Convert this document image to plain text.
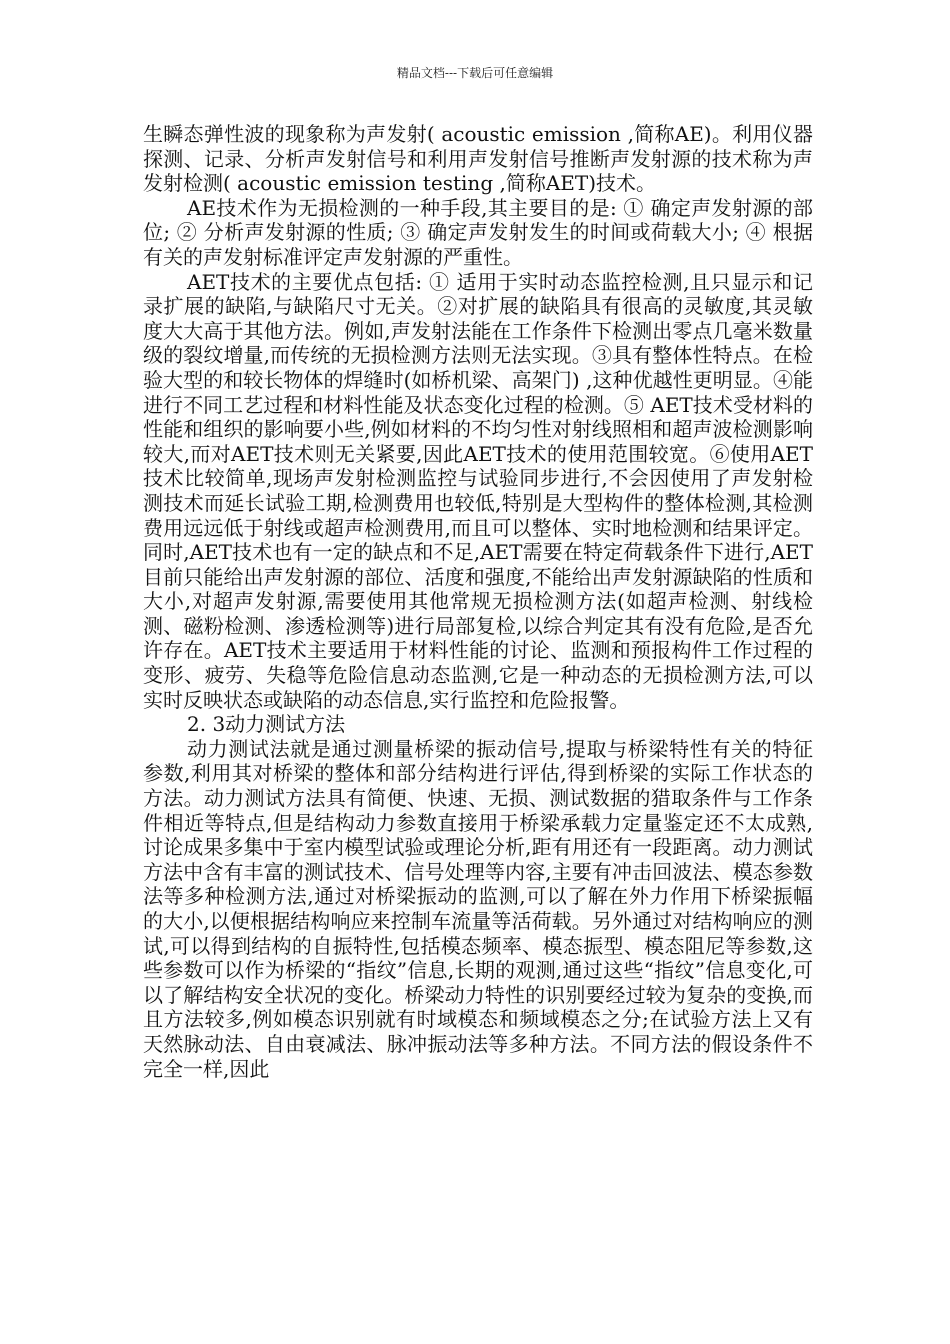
精品文档---下载后可任意编辑

生瞬态弹性波的现象称为声发射( acoustic emission ,简称AE)。利用仪器探测、记录、分析声发射信号和利用声发射信号推断声发射源的技术称为声发射检测( acoustic emission testing ,简称AET)技术。

AE技术作为无损检测的一种手段,其主要目的是: ① 确定声发射源的部位; ② 分析声发射源的性质; ③ 确定声发射发生的时间或荷载大小; ④ 根据有关的声发射标准评定声发射源的严重性。

AET技术的主要优点包括: ① 适用于实时动态监控检测,且只显示和记录扩展的缺陷,与缺陷尺寸无关。②对扩展的缺陷具有很高的灵敏度,其灵敏度大大高于其他方法。例如,声发射法能在工作条件下检测出零点几毫米数量级的裂纹增量,而传统的无损检测方法则无法实现。③具有整体性特点。在检验大型的和较长物体的焊缝时(如桥机梁、高架门) ,这种优越性更明显。④能进行不同工艺过程和材料性能及状态变化过程的检测。⑤ AET技术受材料的性能和组织的影响要小些,例如材料的不均匀性对射线照相和超声波检测影响较大,而对AET技术则无关紧要,因此AET技术的使用范围较宽。⑥使用AET技术比较简单,现场声发射检测监控与试验同步进行,不会因使用了声发射检测技术而延长试验工期,检测费用也较低,特别是大型构件的整体检测,其检测费用远远低于射线或超声检测费用,而且可以整体、实时地检测和结果评定。同时,AET技术也有一定的缺点和不足,AET需要在特定荷载条件下进行,AET目前只能给出声发射源的部位、活度和强度,不能给出声发射源缺陷的性质和大小,对超声发射源,需要使用其他常规无损检测方法(如超声检测、射线检测、磁粉检测、渗透检测等)进行局部复检,以综合判定其有没有危险,是否允许存在。AET技术主要适用于材料性能的讨论、监测和预报构件工作过程的变形、疲劳、失稳等危险信息动态监测,它是一种动态的无损检测方法,可以实时反映状态或缺陷的动态信息,实行监控和危险报警。

2. 3动力测试方法

动力测试法就是通过测量桥梁的振动信号,提取与桥梁特性有关的特征参数,利用其对桥梁的整体和部分结构进行评估,得到桥梁的实际工作状态的方法。动力测试方法具有简便、快速、无损、测试数据的猎取条件与工作条件相近等特点,但是结构动力参数直接用于桥梁承载力定量鉴定还不太成熟,讨论成果多集中于室内模型试验或理论分析,距有用还有一段距离。动力测试方法中含有丰富的测试技术、信号处理等内容,主要有冲击回波法、模态参数法等多种检测方法,通过对桥梁振动的监测,可以了解在外力作用下桥梁振幅的大小,以便根据结构响应来控制车流量等活荷载。另外通过对结构响应的测试,可以得到结构的自振特性,包括模态频率、模态振型、模态阻尼等参数,这些参数可以作为桥梁的“指纹”信息,长期的观测,通过这些“指纹”信息变化,可以了解结构安全状况的变化。桥梁动力特性的识别要经过较为复杂的变换,而且方法较多,例如模态识别就有时域模态和频域模态之分;在试验方法上又有天然脉动法、自由衰减法、脉冲振动法等多种方法。不同方法的假设条件不完全一样,因此
